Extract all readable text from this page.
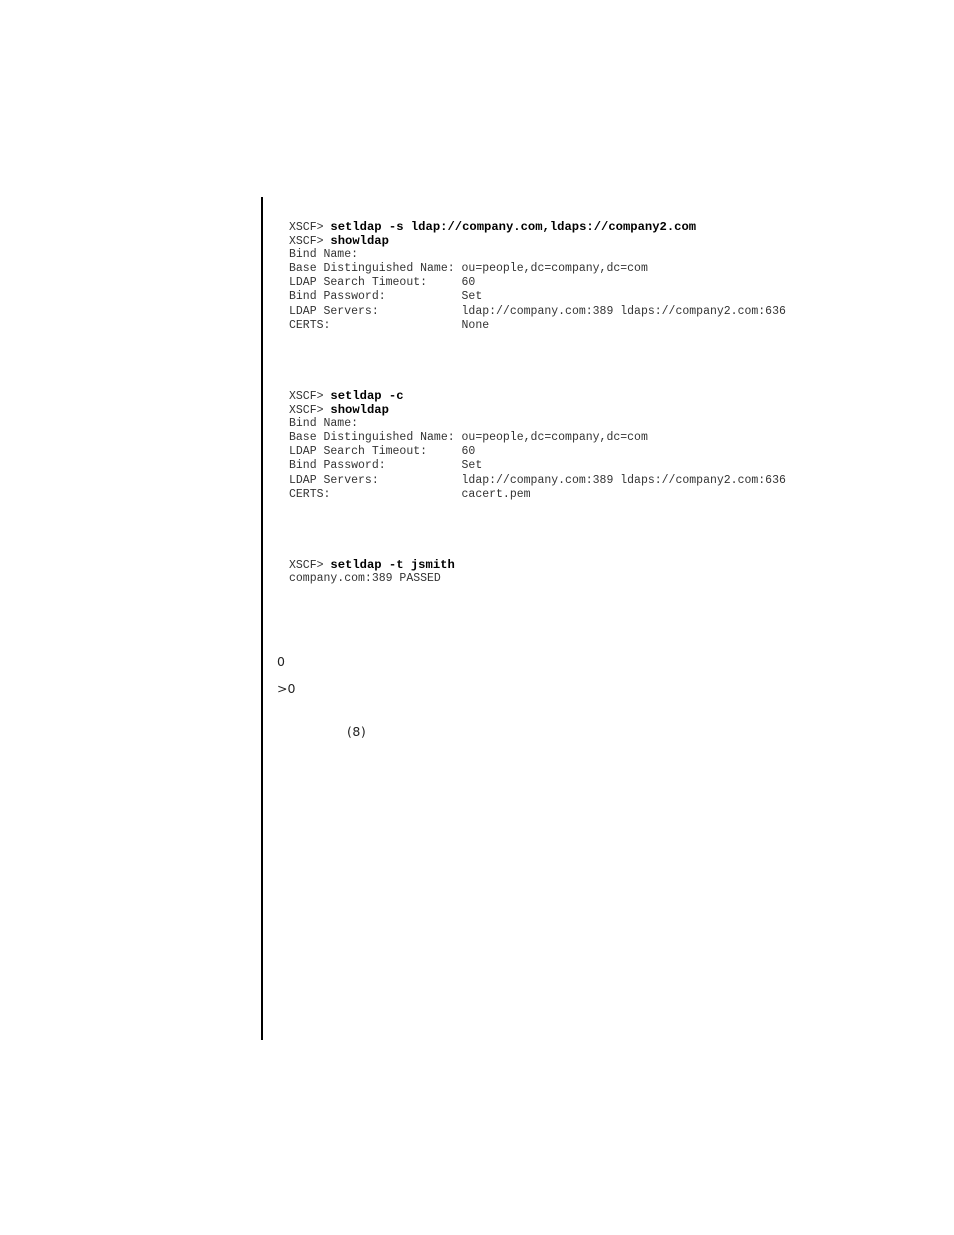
XSCF> setldap -s ldap://company.com,ldaps://company2.com
XSCF> showldap
Bind Name:
Base Distinguished Name: ou=people,dc=company,dc=com
LDAP Search Timeout:     60
Bind Password:           Set
LDAP Servers:            ldap://company.com:389 ldaps://company2.com:636
CERTS:                   None
XSCF> setldap -c
XSCF> showldap
Bind Name:
Base Distinguished Name: ou=people,dc=company,dc=com
LDAP Search Timeout:     60
Bind Password:           Set
LDAP Servers:            ldap://company.com:389 ldaps://company2.com:636
CERTS:                   cacert.pem
XSCF> setldap -t jsmith
company.com:389 PASSED
0
>0
(8)
